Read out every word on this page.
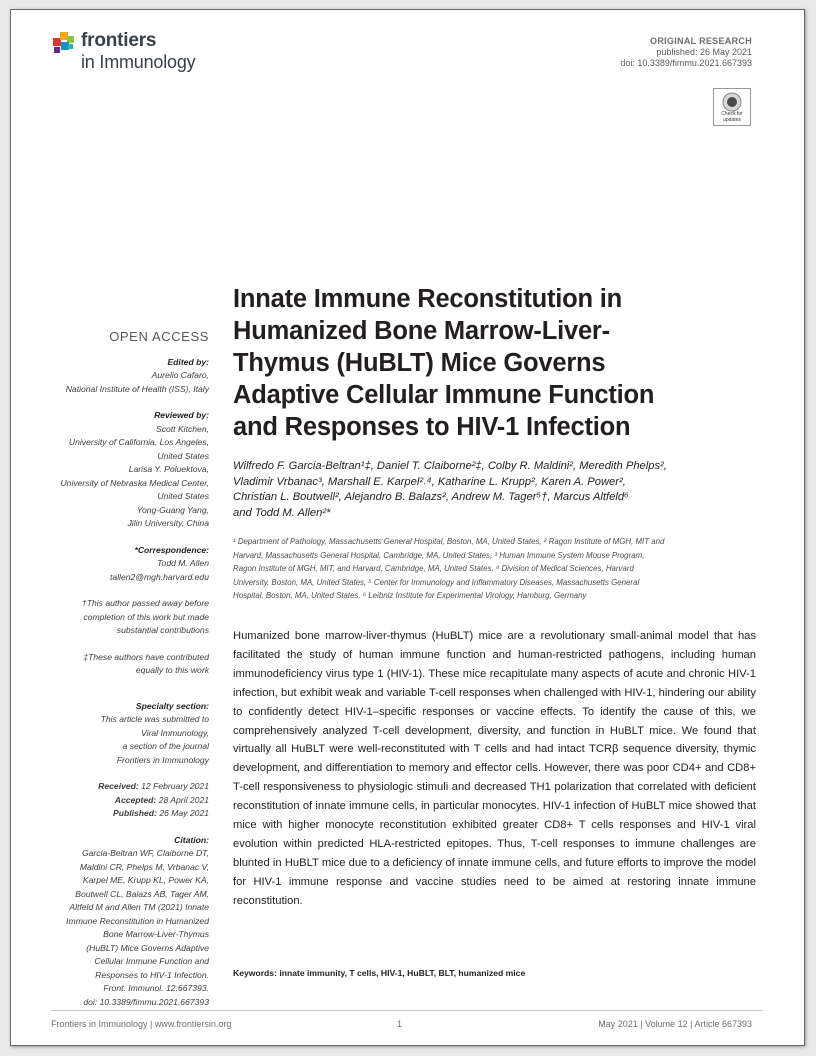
frontiers
in Immunology
ORIGINAL RESEARCH
published: 26 May 2021
doi: 10.3389/fimmu.2021.667393
Check for
updates
OPEN ACCESS
Edited by:
Aurelio Cafaro,
National Institute of Health (ISS), Italy
Reviewed by:
Scott Kitchen,
University of California, Los Angeles,
United States
Larisa Y. Poluektova,
University of Nebraska Medical Center,
United States
Yong-Guang Yang,
Jilin University, China
*Correspondence:
Todd M. Allen
tallen2@mgh.harvard.edu
†This author passed away before
completion of this work but made
substantial contributions
‡These authors have contributed
equally to this work
Specialty section:
This article was submitted to
Viral Immunology,
a section of the journal
Frontiers in Immunology
Received: 12 February 2021
Accepted: 28 April 2021
Published: 26 May 2021
Citation:
Garcia-Beltran WF, Claiborne DT,
Maldini CR, Phelps M, Vrbanac V,
Karpel ME, Krupp KL, Power KA,
Boutwell CL, Balazs AB, Tager AM,
Altfeld M and Allen TM (2021) Innate
Immune Reconstitution in Humanized
Bone Marrow-Liver-Thymus
(HuBLT) Mice Governs Adaptive
Cellular Immune Function and
Responses to HIV-1 Infection.
Front. Immunol. 12:667393.
doi: 10.3389/fimmu.2021.667393
Innate Immune Reconstitution in
Humanized Bone Marrow-Liver-
Thymus (HuBLT) Mice Governs
Adaptive Cellular Immune Function
and Responses to HIV-1 Infection
Wilfredo F. Garcia-Beltran¹‡, Daniel T. Claiborne²‡, Colby R. Maldini², Meredith Phelps²,
Vladimir Vrbanac³, Marshall E. Karpel²˒⁴, Katharine L. Krupp², Karen A. Power²,
Christian L. Boutwell², Alejandro B. Balazs², Andrew M. Tager⁵†, Marcus Altfeld⁶
and Todd M. Allen²*
¹ Department of Pathology, Massachusetts General Hospital, Boston, MA, United States, ² Ragon Institute of MGH, MIT and
Harvard, Massachusetts General Hospital, Cambridge, MA, United States, ³ Human Immune System Mouse Program,
Ragon Institute of MGH, MIT, and Harvard, Cambridge, MA, United States, ⁴ Division of Medical Sciences, Harvard
University, Boston, MA, United States, ⁵ Center for Immunology and Inflammatory Diseases, Massachusetts General
Hospital, Boston, MA, United States, ⁶ Leibniz Institute for Experimental Virology, Hamburg, Germany
Humanized bone marrow-liver-thymus (HuBLT) mice are a revolutionary small-animal model that has facilitated the study of human immune function and human-restricted pathogens, including human immunodeficiency virus type 1 (HIV-1). These mice recapitulate many aspects of acute and chronic HIV-1 infection, but exhibit weak and variable T-cell responses when challenged with HIV-1, hindering our ability to confidently detect HIV-1–specific responses or vaccine effects. To identify the cause of this, we comprehensively analyzed T-cell development, diversity, and function in HuBLT mice. We found that virtually all HuBLT were well-reconstituted with T cells and had intact TCRβ sequence diversity, thymic development, and differentiation to memory and effector cells. However, there was poor CD4+ and CD8+ T-cell responsiveness to physiologic stimuli and decreased TH1 polarization that correlated with deficient reconstitution of innate immune cells, in particular monocytes. HIV-1 infection of HuBLT mice showed that mice with higher monocyte reconstitution exhibited greater CD8+ T cells responses and HIV-1 viral evolution within predicted HLA-restricted epitopes. Thus, T-cell responses to immune challenges are blunted in HuBLT mice due to a deficiency of innate immune cells, and future efforts to improve the model for HIV-1 immune response and vaccine studies need to be aimed at restoring innate immune reconstitution.
Keywords: innate immunity, T cells, HIV-1, HuBLT, BLT, humanized mice
Frontiers in Immunology | www.frontiersin.org	1	May 2021 | Volume 12 | Article 667393
